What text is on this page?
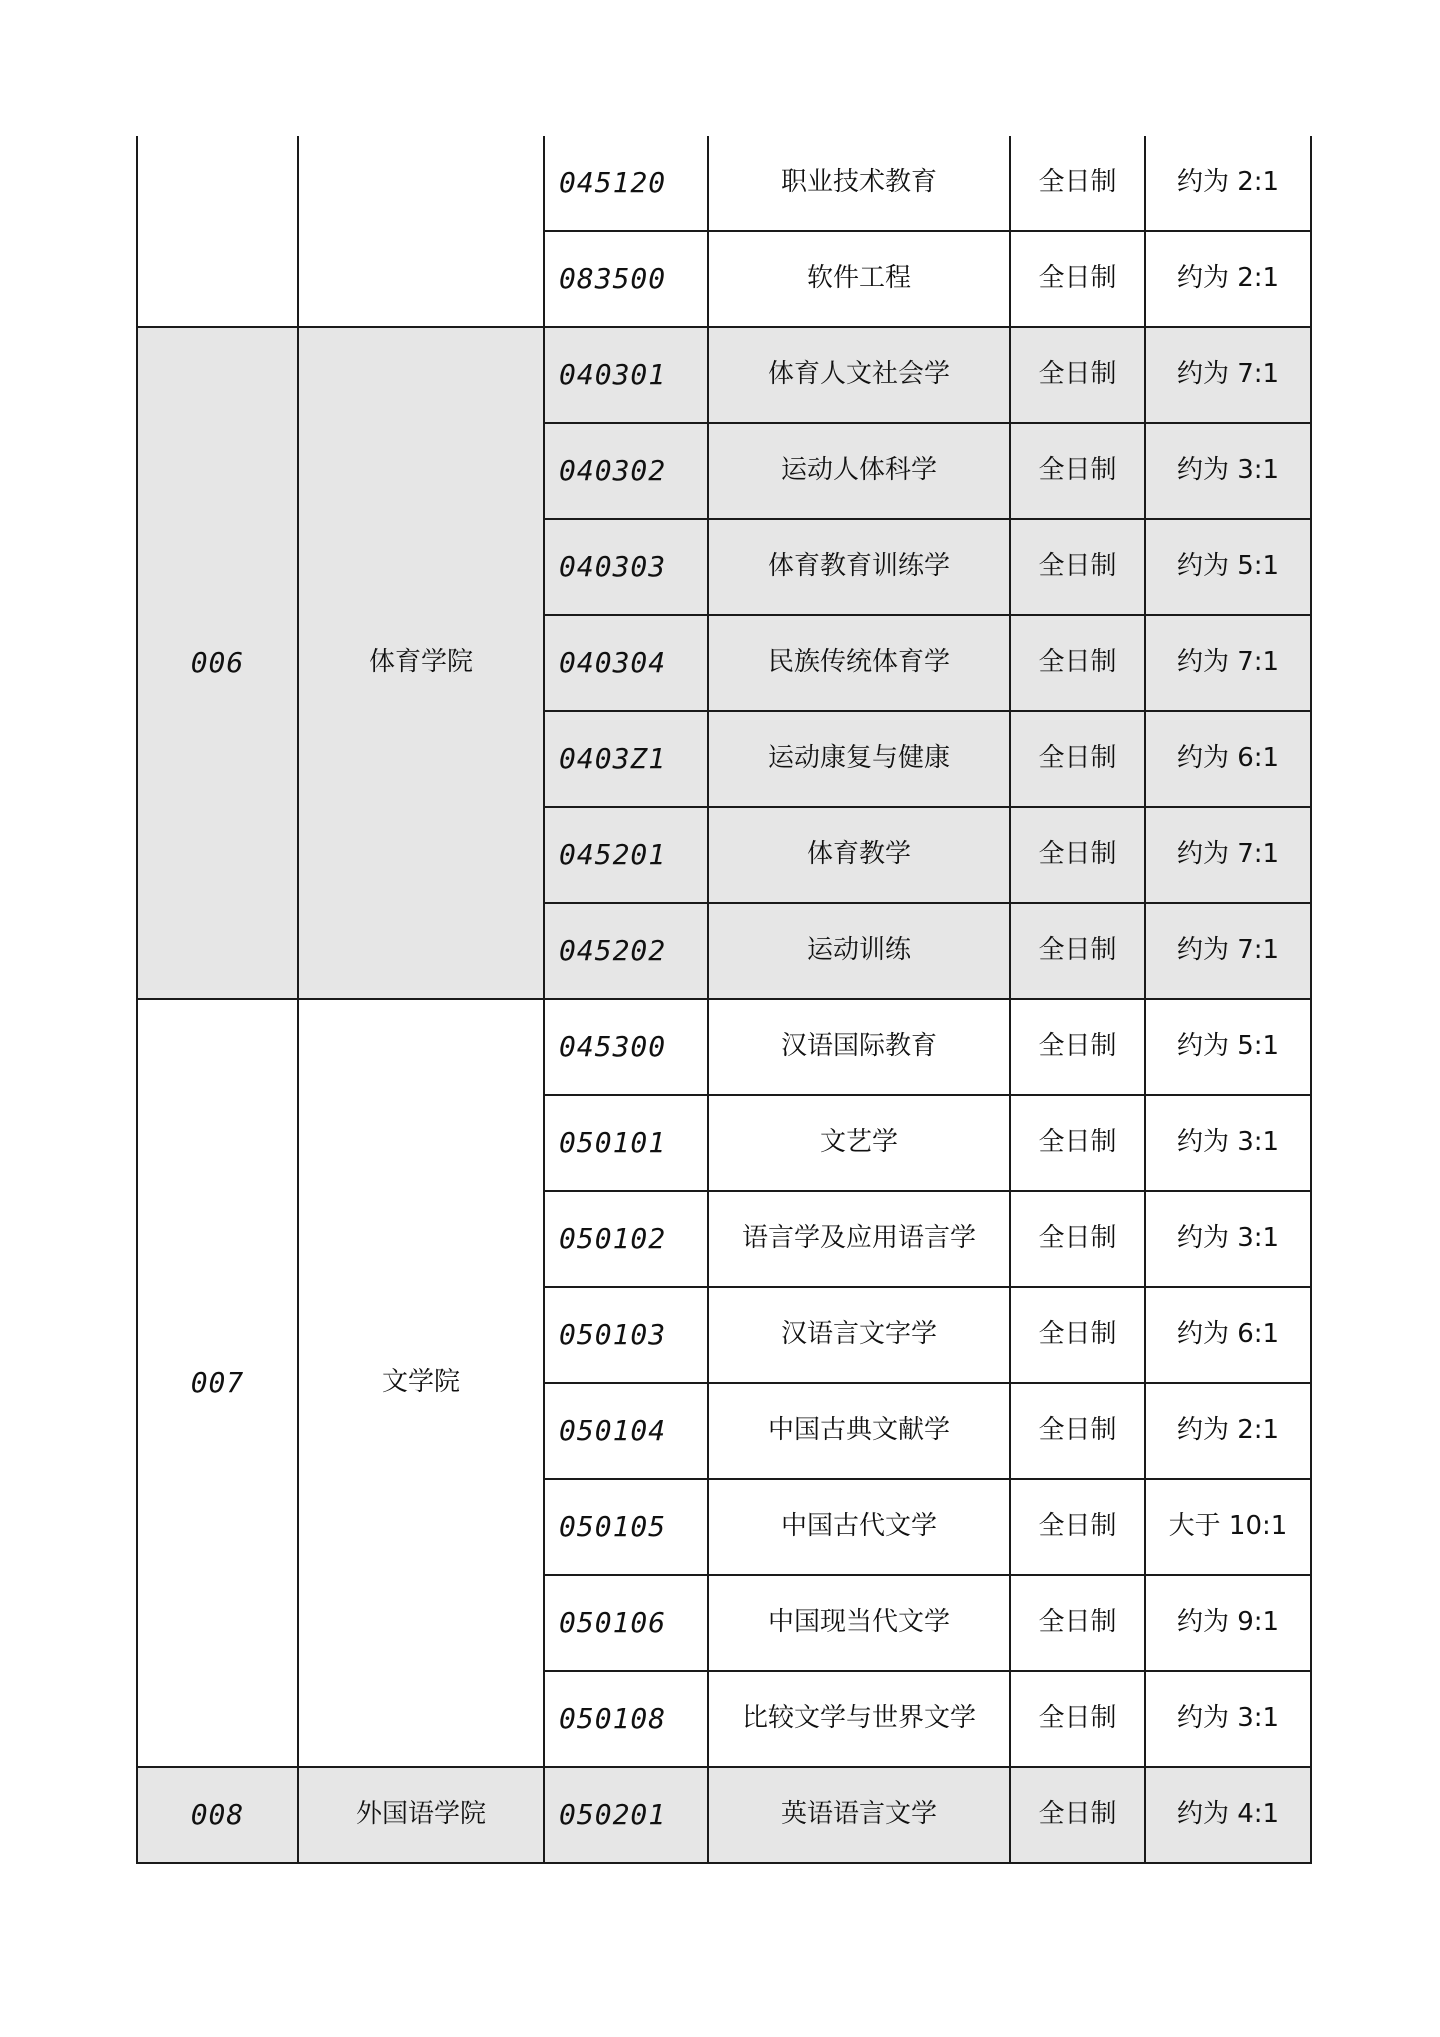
		045120	职业技术教育	全日制	约为 2:1
		083500	软件工程	全日制	约为 2:1
006	体育学院	040301	体育人文社会学	全日制	约为 7:1
		040302	运动人体科学	全日制	约为 3:1
		040303	体育教育训练学	全日制	约为 5:1
		040304	民族传统体育学	全日制	约为 7:1
		0403Z1	运动康复与健康	全日制	约为 6:1
		045201	体育教学	全日制	约为 7:1
		045202	运动训练	全日制	约为 7:1
007	文学院	045300	汉语国际教育	全日制	约为 5:1
		050101	文艺学	全日制	约为 3:1
		050102	语言学及应用语言学	全日制	约为 3:1
		050103	汉语言文字学	全日制	约为 6:1
		050104	中国古典文献学	全日制	约为 2:1
		050105	中国古代文学	全日制	大于 10:1
		050106	中国现当代文学	全日制	约为 9:1
		050108	比较文学与世界文学	全日制	约为 3:1
008	外国语学院	050201	英语语言文学	全日制	约为 4:1
